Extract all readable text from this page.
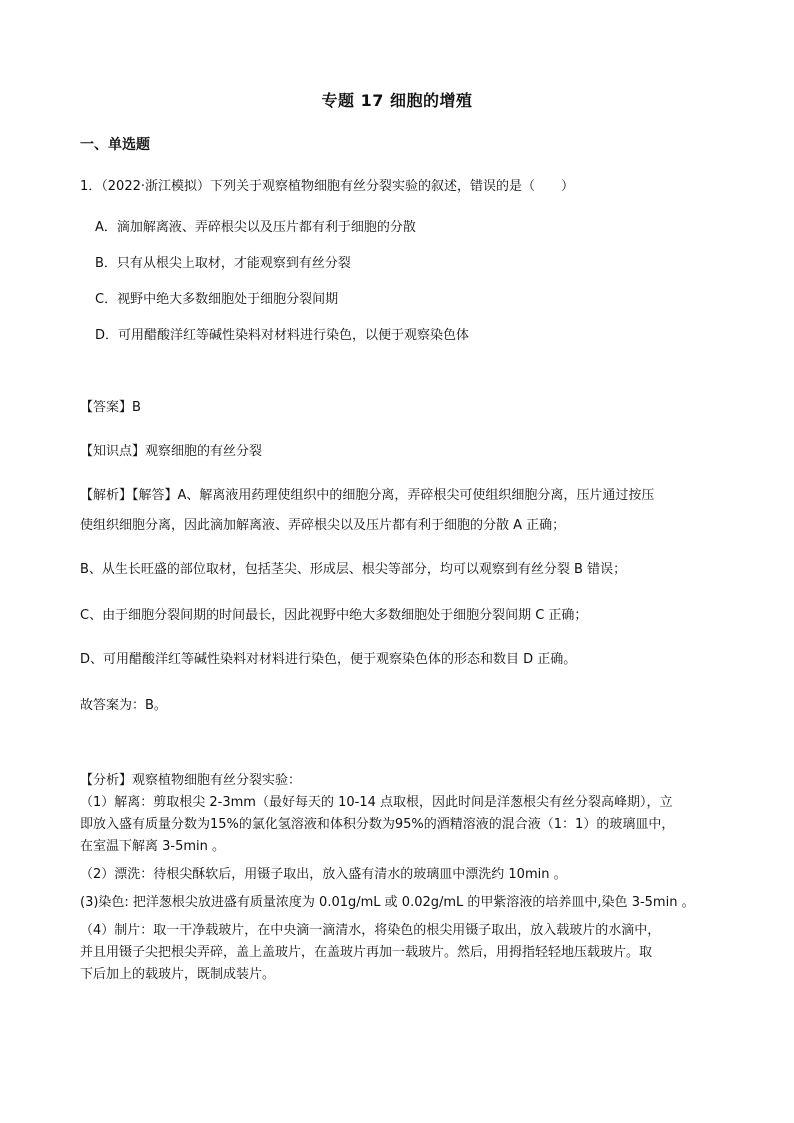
专题 17 细胞的增殖
一、单选题
1．（2022·浙江模拟）下列关于观察植物细胞有丝分裂实验的叙述，错误的是（　　）
A．滴加解离液、弄碎根尖以及压片都有利于细胞的分散
B．只有从根尖上取材，才能观察到有丝分裂
C．视野中绝大多数细胞处于细胞分裂间期
D．可用醋酸洋红等碱性染料对材料进行染色，以便于观察染色体
【答案】B
【知识点】观察细胞的有丝分裂
【解析】【解答】A、解离液用药理使组织中的细胞分离，弄碎根尖可使组织细胞分离，压片通过按压
使组织细胞分离，因此滴加解离液、弄碎根尖以及压片都有利于细胞的分散 A 正确；
B、从生长旺盛的部位取材，包括茎尖、形成层、根尖等部分，均可以观察到有丝分裂 B 错误；
C、由于细胞分裂间期的时间最长，因此视野中绝大多数细胞处于细胞分裂间期 C 正确；
D、可用醋酸洋红等碱性染料对材料进行染色，便于观察染色体的形态和数目 D 正确。
故答案为：B。
【分析】观察植物细胞有丝分裂实验：
（1）解离：剪取根尖 2-3mm（最好每天的 10-14 点取根，因此时间是洋葱根尖有丝分裂高峰期），立
即放入盛有质量分数为15%的氯化氢溶液和体积分数为95%的酒精溶液的混合液（1：1）的玻璃皿中，
在室温下解离 3-5min 。
（2）漂洗：待根尖酥软后，用镊子取出，放入盛有清水的玻璃皿中漂洗约 10min 。
(3)染色: 把洋葱根尖放进盛有质量浓度为 0.01g/mL 或 0.02g/mL 的甲紫溶液的培养皿中,染色 3-5min 。
（4）制片：取一干净载玻片，在中央滴一滴清水，将染色的根尖用镊子取出，放入载玻片的水滴中，
并且用镊子尖把根尖弄碎，盖上盖玻片，在盖玻片再加一载玻片。然后，用拇指轻轻地压载玻片。取
下后加上的载玻片，既制成装片。
